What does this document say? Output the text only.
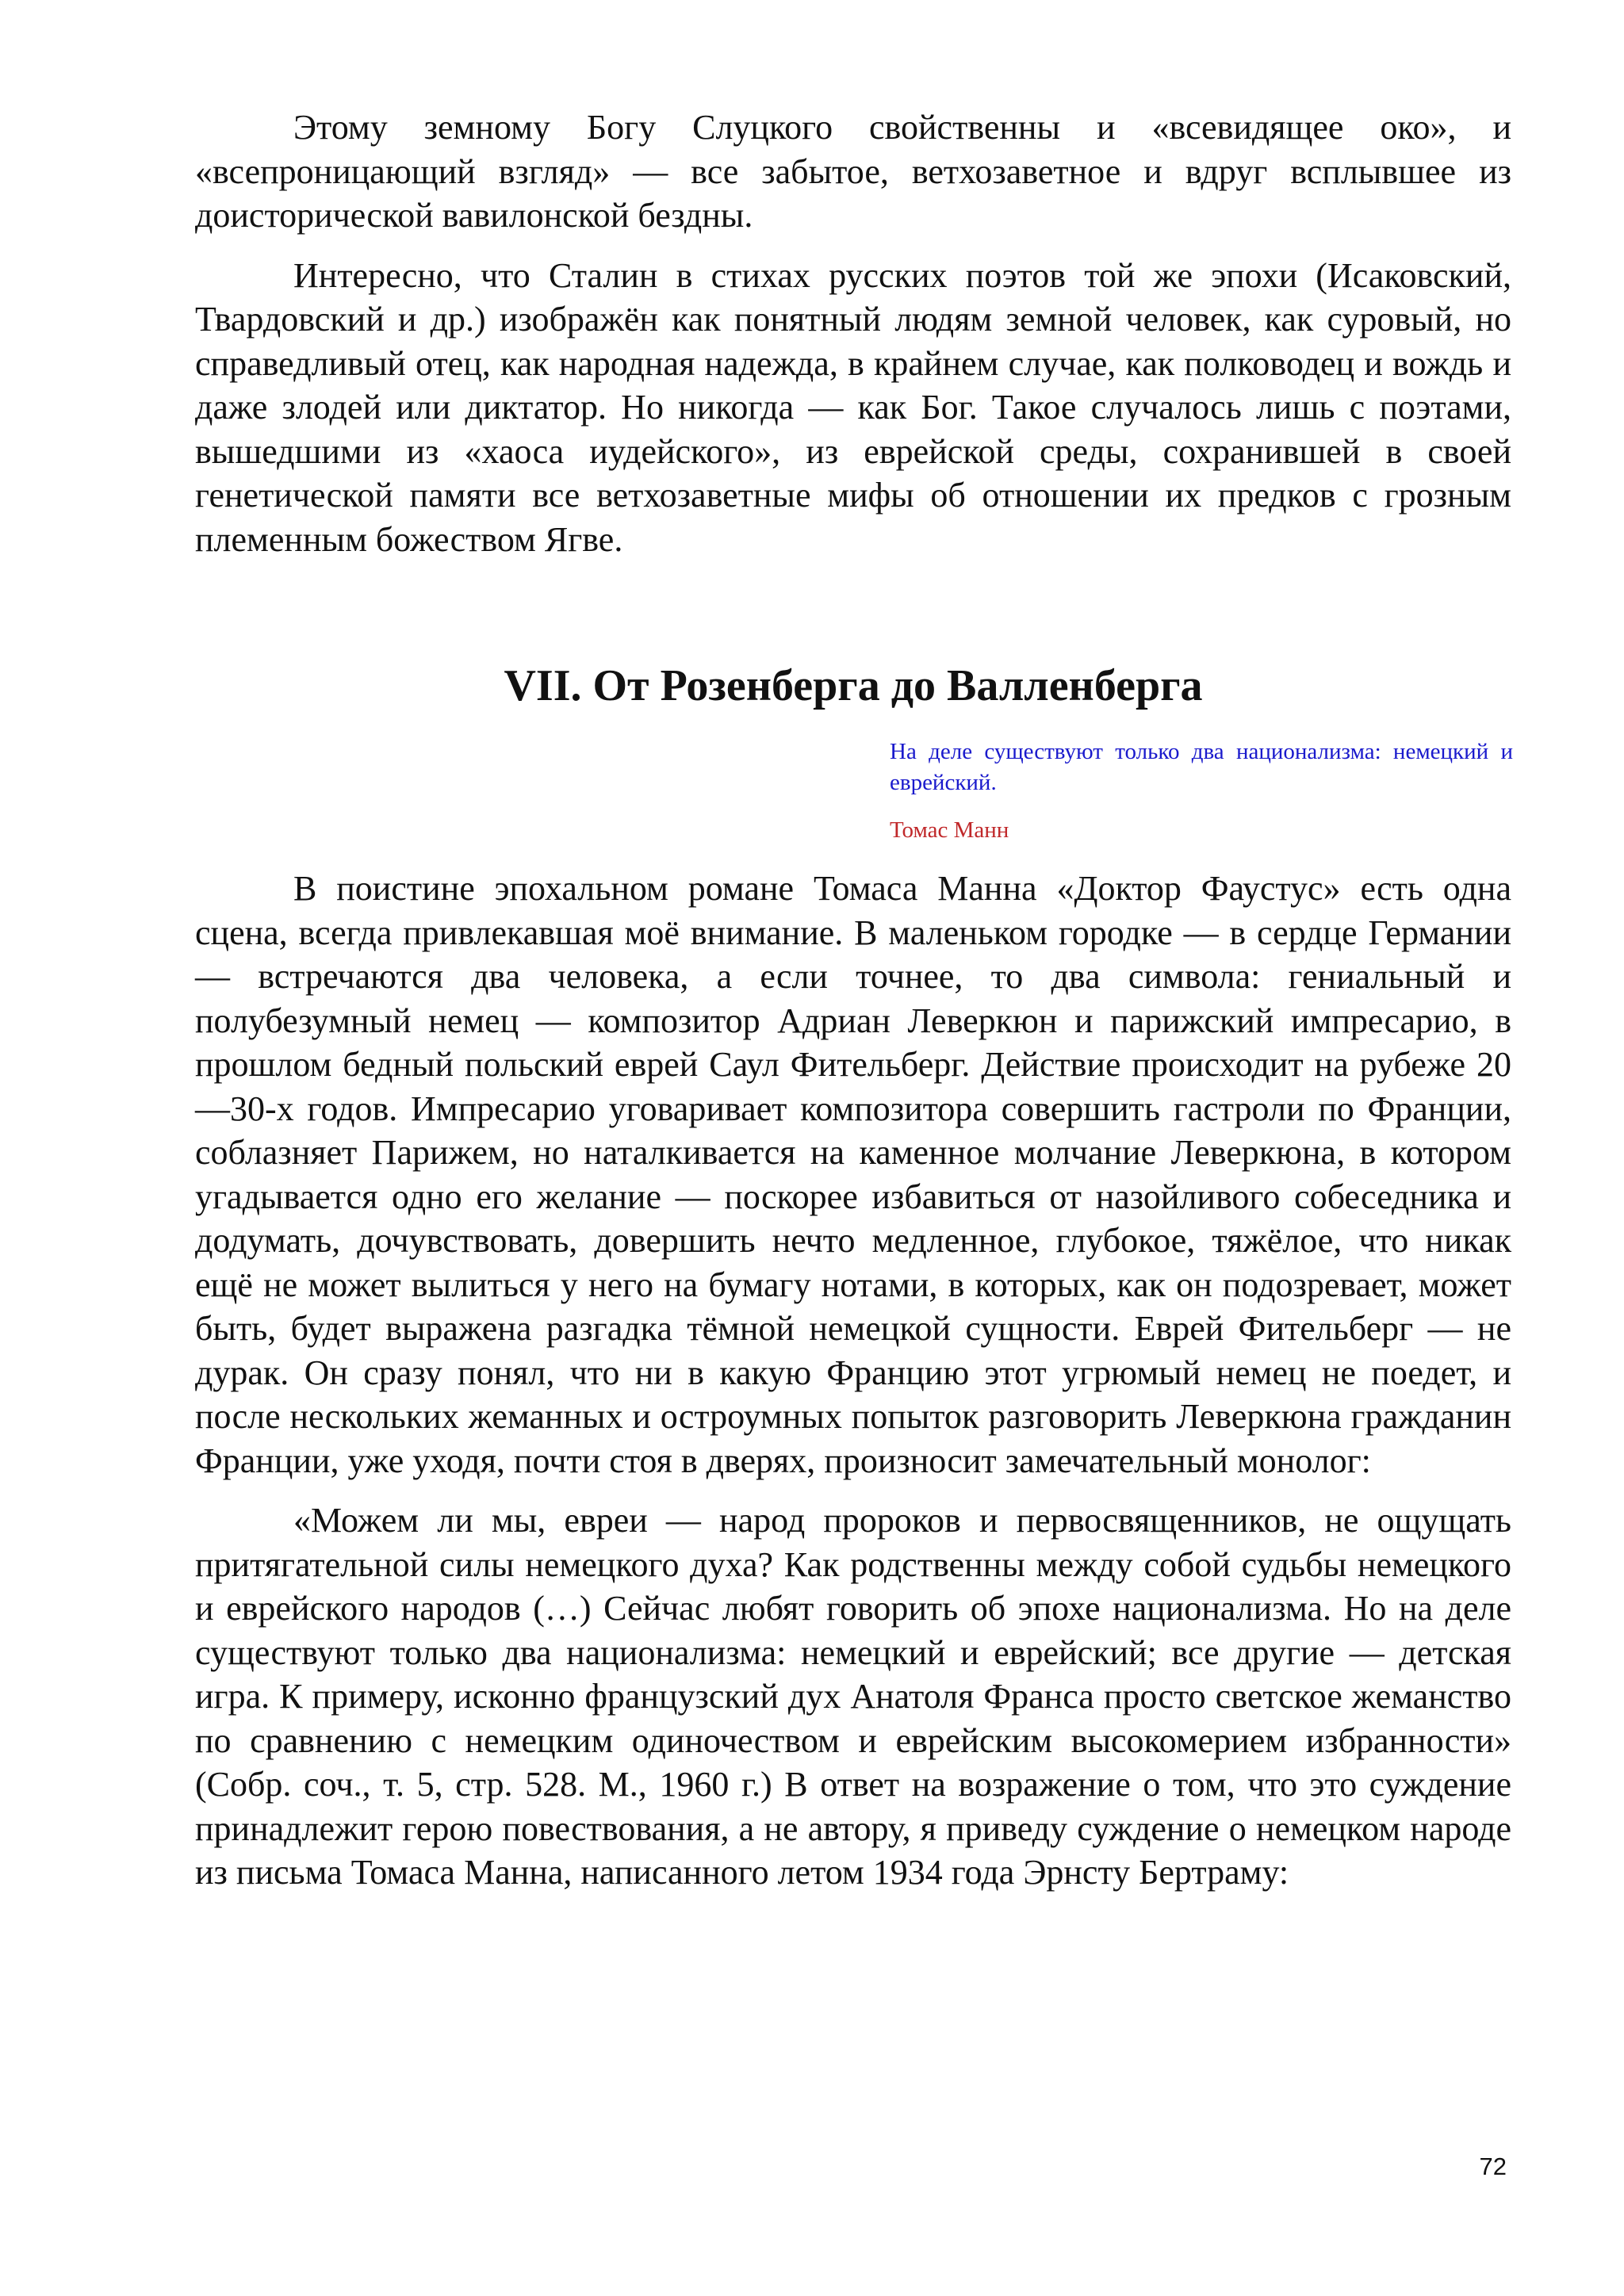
Этому земному Богу Слуцкого свойственны и «всевидящее око», и «всепроницающий взгляд» — все забытое, ветхозаветное и вдруг всплывшее из доисторической вавилонской бездны.

Интересно, что Сталин в стихах русских поэтов той же эпохи (Исаковский, Твардовский и др.) изображён как понятный людям земной человек, как суровый, но справедливый отец, как народная надежда, в крайнем случае, как полководец и вождь и даже злодей или диктатор. Но никогда — как Бог. Такое случалось лишь с поэтами, вышедшими из «хаоса иудейского», из еврейской среды, сохранившей в своей генетической памяти все ветхозаветные мифы об отношении их предков с грозным племенным божеством Ягве.

VII. От Розенберга до Валленберга

На деле существуют только два национализма: немецкий и еврейский.

Томас Манн

В поистине эпохальном романе Томаса Манна «Доктор Фаустус» есть одна сцена, всегда привлекавшая моё внимание. В маленьком городке — в сердце Германии — встречаются два человека, а если точнее, то два символа: гениальный и полубезумный немец — композитор Адриан Леверкюн и парижский импресарио, в прошлом бедный польский еврей Саул Фительберг. Действие происходит на рубеже 20—30-х годов. Импресарио уговаривает композитора совершить гастроли по Франции, соблазняет Парижем, но наталкивается на каменное молчание Леверкюна, в котором угадывается одно его желание — поскорее избавиться от назойливого собеседника и додумать, дочувствовать, довершить нечто медленное, глубокое, тяжёлое, что никак ещё не может вылиться у него на бумагу нотами, в которых, как он подозревает, может быть, будет выражена разгадка тёмной немецкой сущности. Еврей Фительберг — не дурак. Он сразу понял, что ни в какую Францию этот угрюмый немец не поедет, и после нескольких жеманных и остроумных попыток разговорить Леверкюна гражданин Франции, уже уходя, почти стоя в дверях, произносит замечательный монолог:

«Можем ли мы, евреи — народ пророков и первосвященников, не ощущать притягательной силы немецкого духа? Как родственны между собой судьбы немецкого и еврейского народов (…) Сейчас любят говорить об эпохе национализма. Но на деле существуют только два национализма: немецкий и еврейский; все другие — детская игра. К примеру, исконно французский дух Анатоля Франса просто светское жеманство по сравнению с немецким одиночеством и еврейским высокомерием избранности» (Собр. соч., т. 5, стр. 528. М., 1960 г.) В ответ на возражение о том, что это суждение принадлежит герою повествования, а не автору, я приведу суждение о немецком народе из письма Томаса Манна, написанного летом 1934 года Эрнсту Бертраму:

72
